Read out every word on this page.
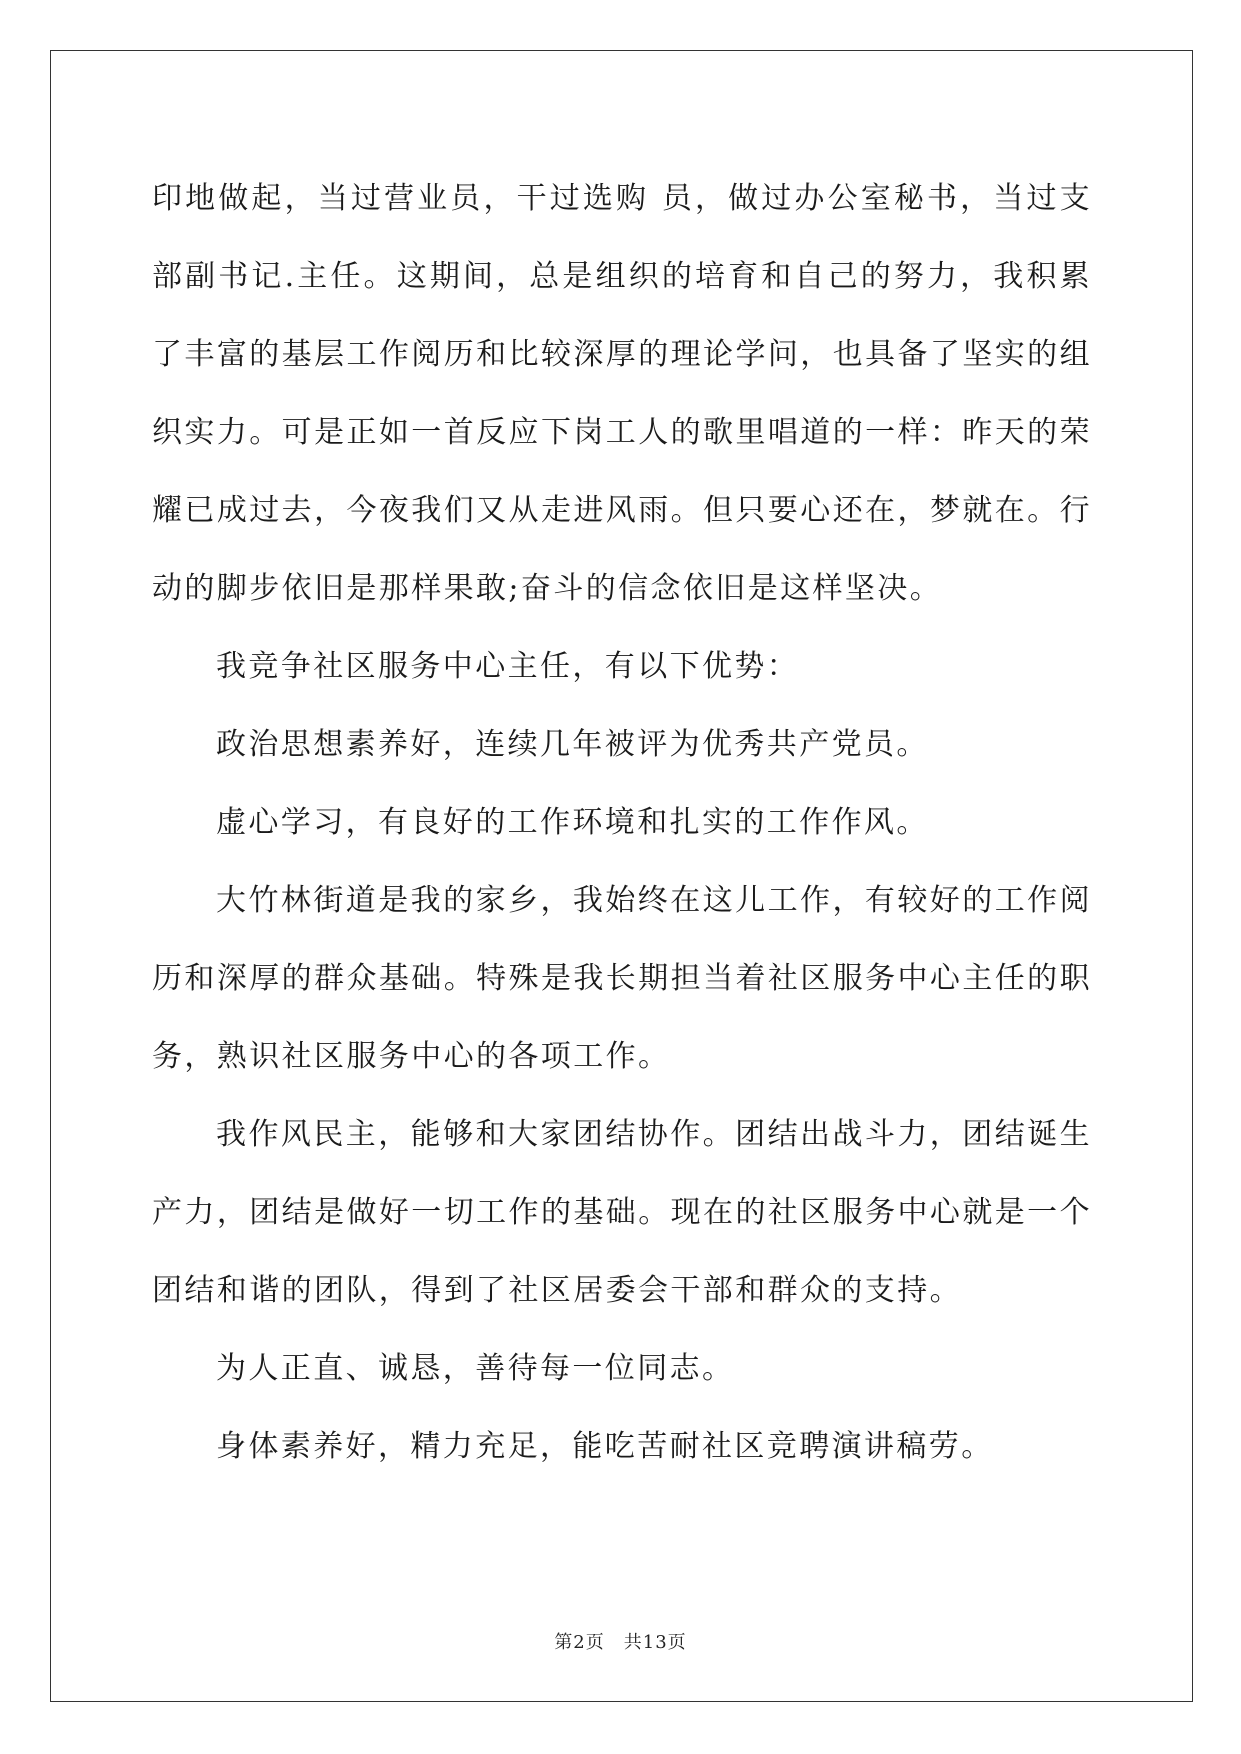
印地做起，当过营业员，干过选购 员，做过办公室秘书，当过支部副书记.主任。这期间，总是组织的培育和自己的努力，我积累了丰富的基层工作阅历和比较深厚的理论学问，也具备了坚实的组织实力。可是正如一首反应下岗工人的歌里唱道的一样：昨天的荣耀已成过去，今夜我们又从走进风雨。但只要心还在，梦就在。行动的脚步依旧是那样果敢;奋斗的信念依旧是这样坚决。

我竞争社区服务中心主任，有以下优势：

政治思想素养好，连续几年被评为优秀共产党员。

虚心学习，有良好的工作环境和扎实的工作作风。

大竹林街道是我的家乡，我始终在这儿工作，有较好的工作阅历和深厚的群众基础。特殊是我长期担当着社区服务中心主任的职务，熟识社区服务中心的各项工作。

我作风民主，能够和大家团结协作。团结出战斗力，团结诞生产力，团结是做好一切工作的基础。现在的社区服务中心就是一个团结和谐的团队，得到了社区居委会干部和群众的支持。

为人正直、诚恳，善待每一位同志。

身体素养好，精力充足，能吃苦耐社区竞聘演讲稿劳。

第2页　共13页
